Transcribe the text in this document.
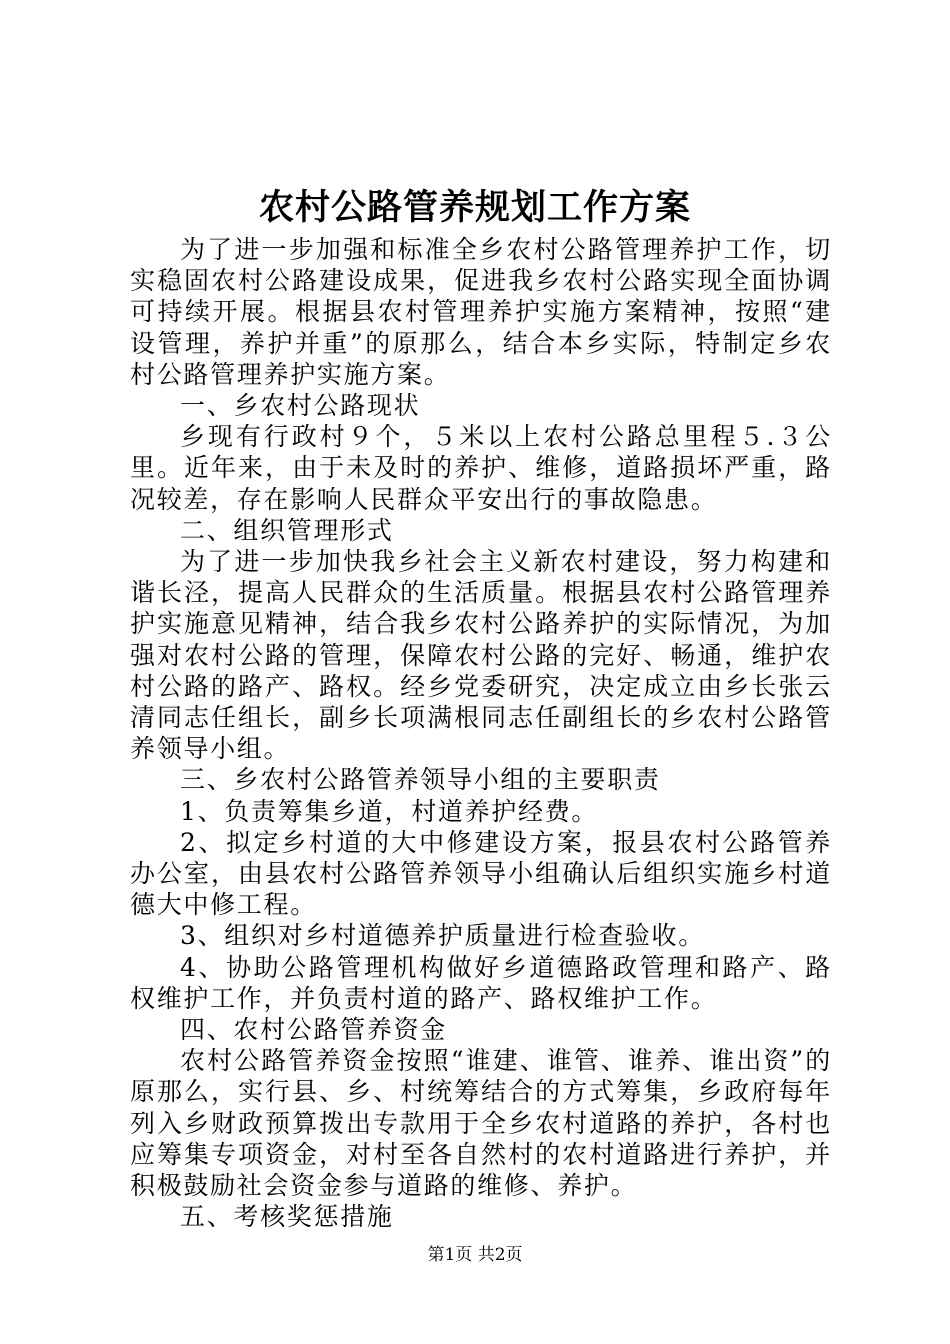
农村公路管养规划工作方案

为了进一步加强和标准全乡农村公路管理养护工作，切实稳固农村公路建设成果，促进我乡农村公路实现全面协调可持续开展。根据县农村管理养护实施方案精神，按照“建设管理，养护并重”的原那么，结合本乡实际，特制定乡农村公路管理养护实施方案。

一、乡农村公路现状

乡现有行政村９个，５米以上农村公路总里程５.３公里。近年来，由于未及时的养护、维修，道路损坏严重，路况较差，存在影响人民群众平安出行的事故隐患。

二、组织管理形式

为了进一步加快我乡社会主义新农村建设，努力构建和谐长泾，提高人民群众的生活质量。根据县农村公路管理养护实施意见精神，结合我乡农村公路养护的实际情况，为加强对农村公路的管理，保障农村公路的完好、畅通，维护农村公路的路产、路权。经乡党委研究，决定成立由乡长张云清同志任组长，副乡长项满根同志任副组长的乡农村公路管养领导小组。

三、乡农村公路管养领导小组的主要职责

1、负责筹集乡道，村道养护经费。

2、拟定乡村道的大中修建设方案，报县农村公路管养办公室，由县农村公路管养领导小组确认后组织实施乡村道德大中修工程。

3、组织对乡村道德养护质量进行检查验收。

4、协助公路管理机构做好乡道德路政管理和路产、路权维护工作，并负责村道的路产、路权维护工作。

四、农村公路管养资金

农村公路管养资金按照“谁建、谁管、谁养、谁出资”的原那么，实行县、乡、村统筹结合的方式筹集，乡政府每年列入乡财政预算拨出专款用于全乡农村道路的养护，各村也应筹集专项资金，对村至各自然村的农村道路进行养护，并积极鼓励社会资金参与道路的维修、养护。

五、考核奖惩措施

第1页 共2页
